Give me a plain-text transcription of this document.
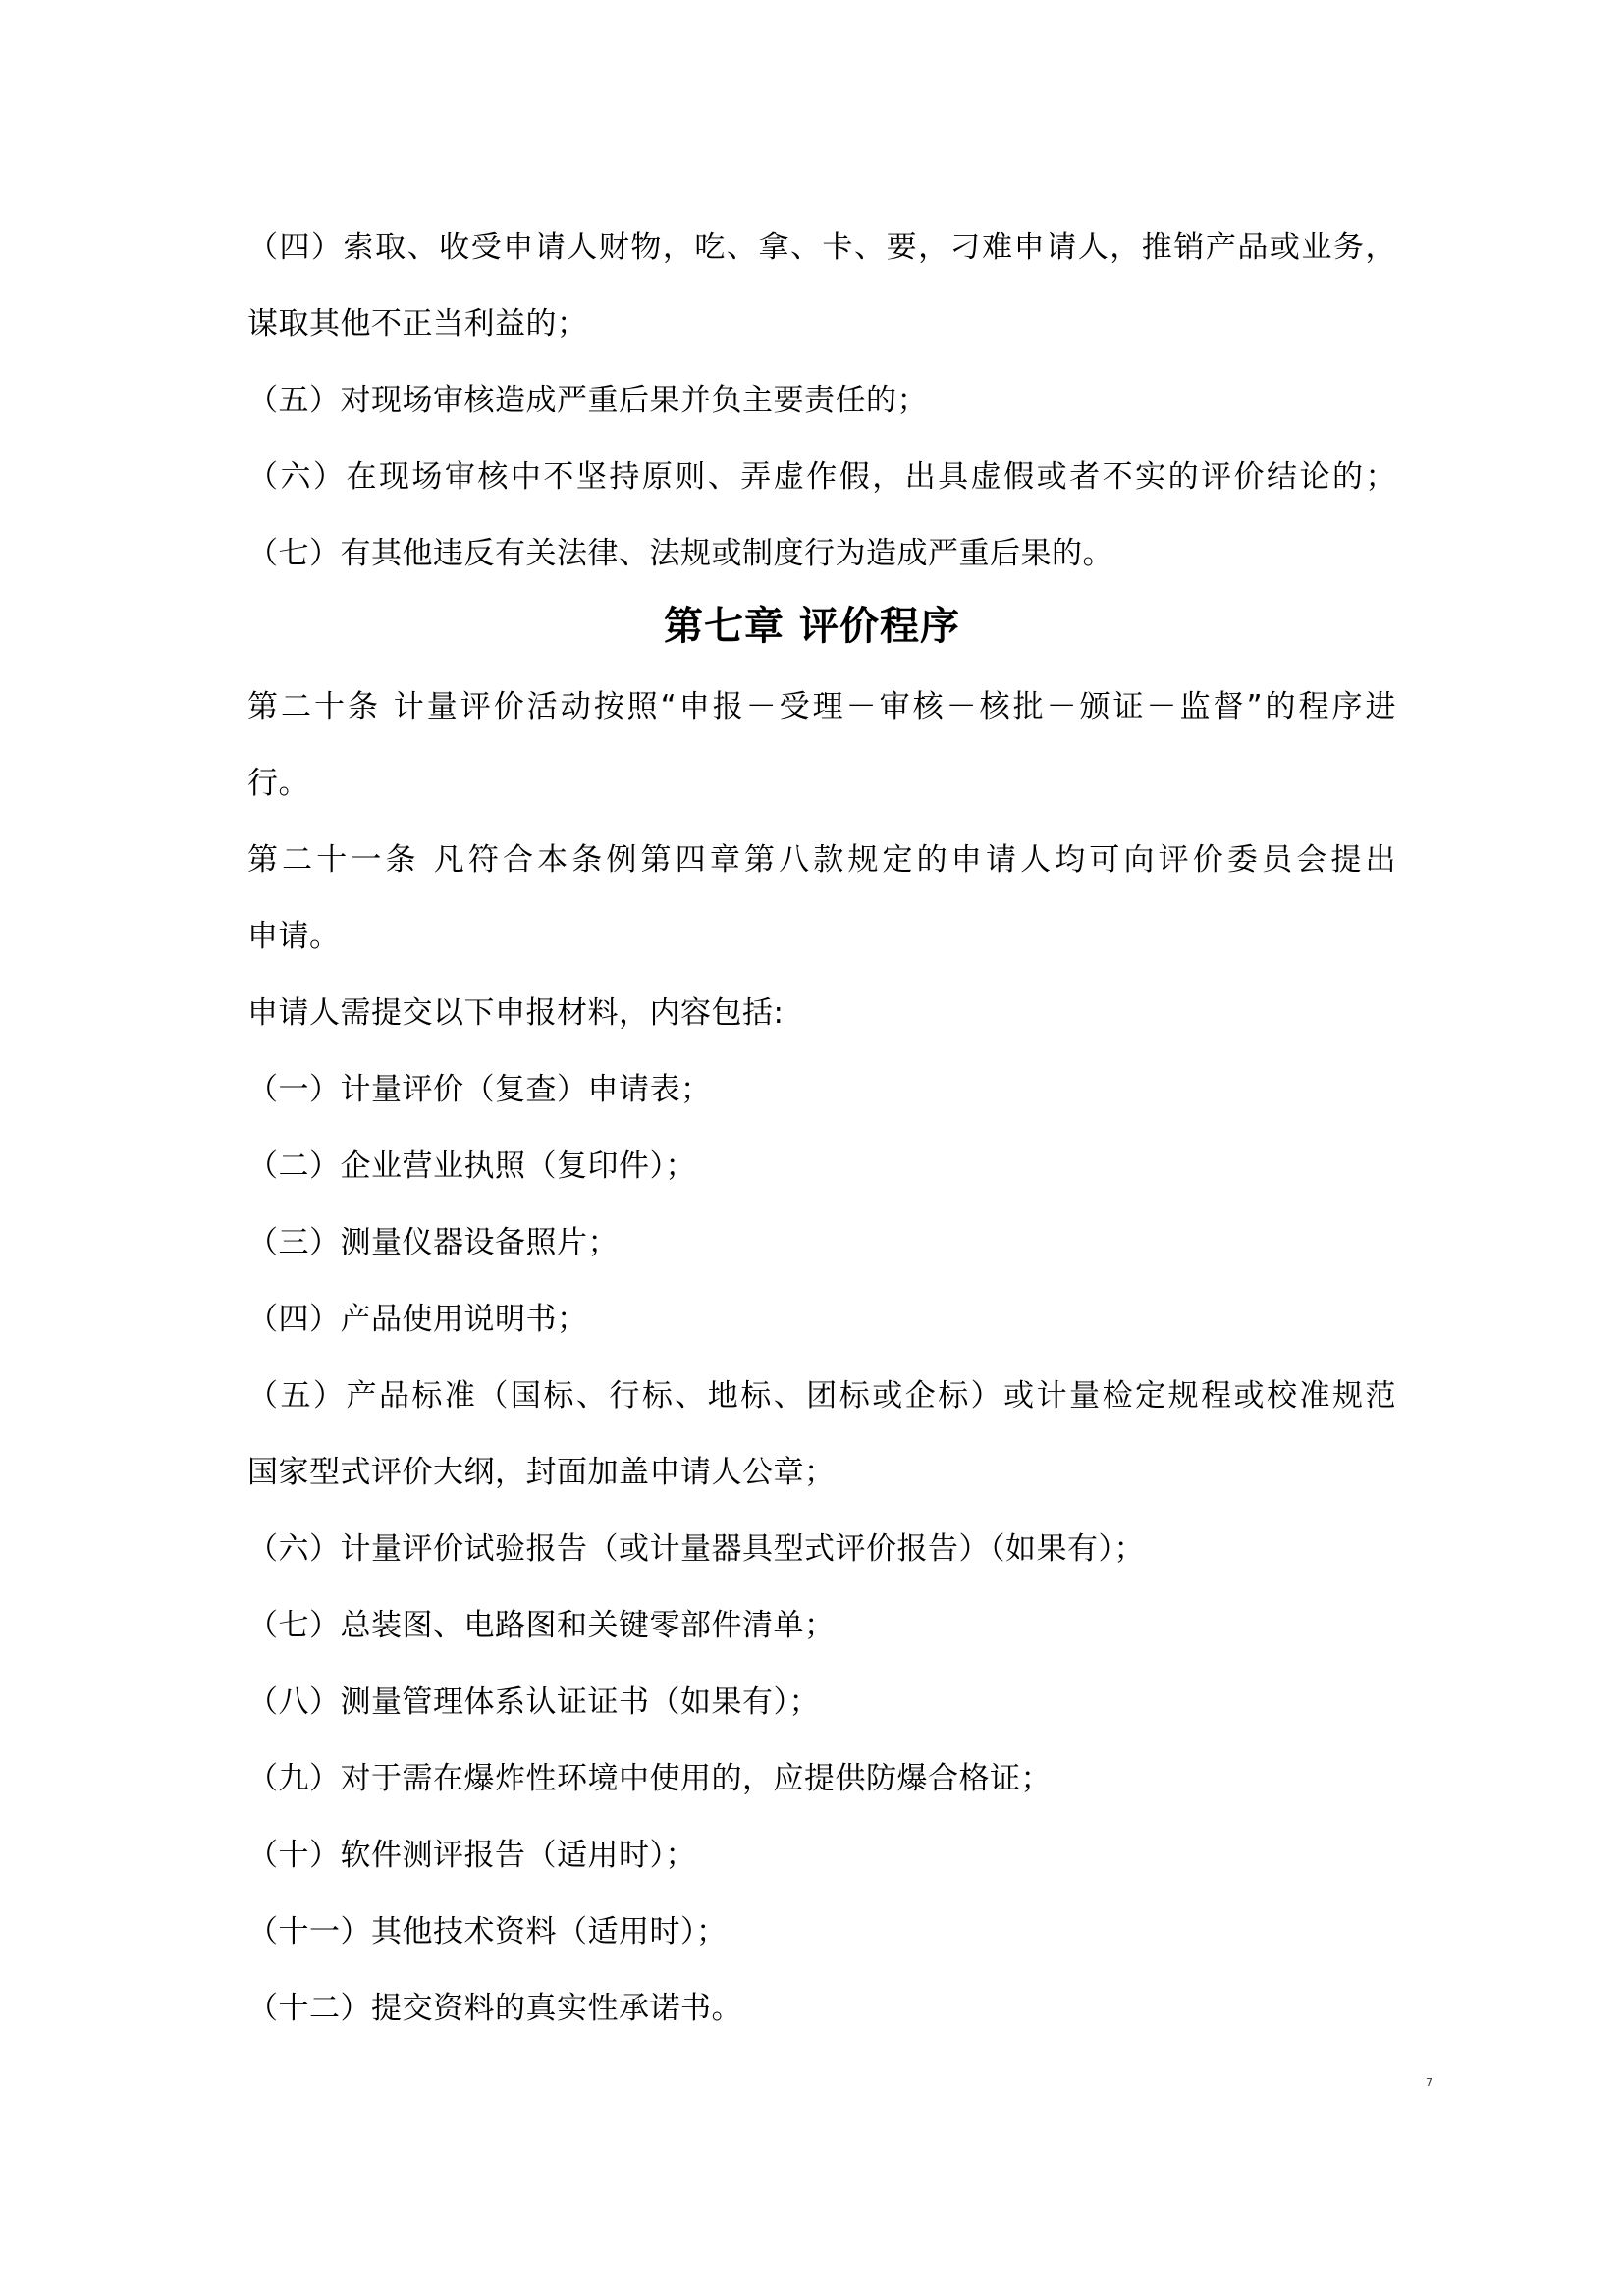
（四）索取、收受申请人财物，吃、拿、卡、要，刁难申请人，推销产品或业务，
谋取其他不正当利益的；
（五）对现场审核造成严重后果并负主要责任的；
（六）在现场审核中不坚持原则、弄虚作假，出具虚假或者不实的评价结论的；
（七）有其他违反有关法律、法规或制度行为造成严重后果的。
第七章 评价程序
第二十条 计量评价活动按照“申报－受理－审核－核批－颁证－监督”的程序进
行。
第二十一条 凡符合本条例第四章第八款规定的申请人均可向评价委员会提出
申请。
申请人需提交以下申报材料，内容包括:
（一）计量评价（复查）申请表；
（二）企业营业执照（复印件）；
（三）测量仪器设备照片；
（四）产品使用说明书；
（五）产品标准（国标、行标、地标、团标或企标）或计量检定规程或校准规范
国家型式评价大纲，封面加盖申请人公章；
（六）计量评价试验报告（或计量器具型式评价报告）（如果有）；
（七）总装图、电路图和关键零部件清单；
（八）测量管理体系认证证书（如果有）；
（九）对于需在爆炸性环境中使用的，应提供防爆合格证；
（十）软件测评报告（适用时）；
（十一）其他技术资料（适用时）；
（十二）提交资料的真实性承诺书。
7
